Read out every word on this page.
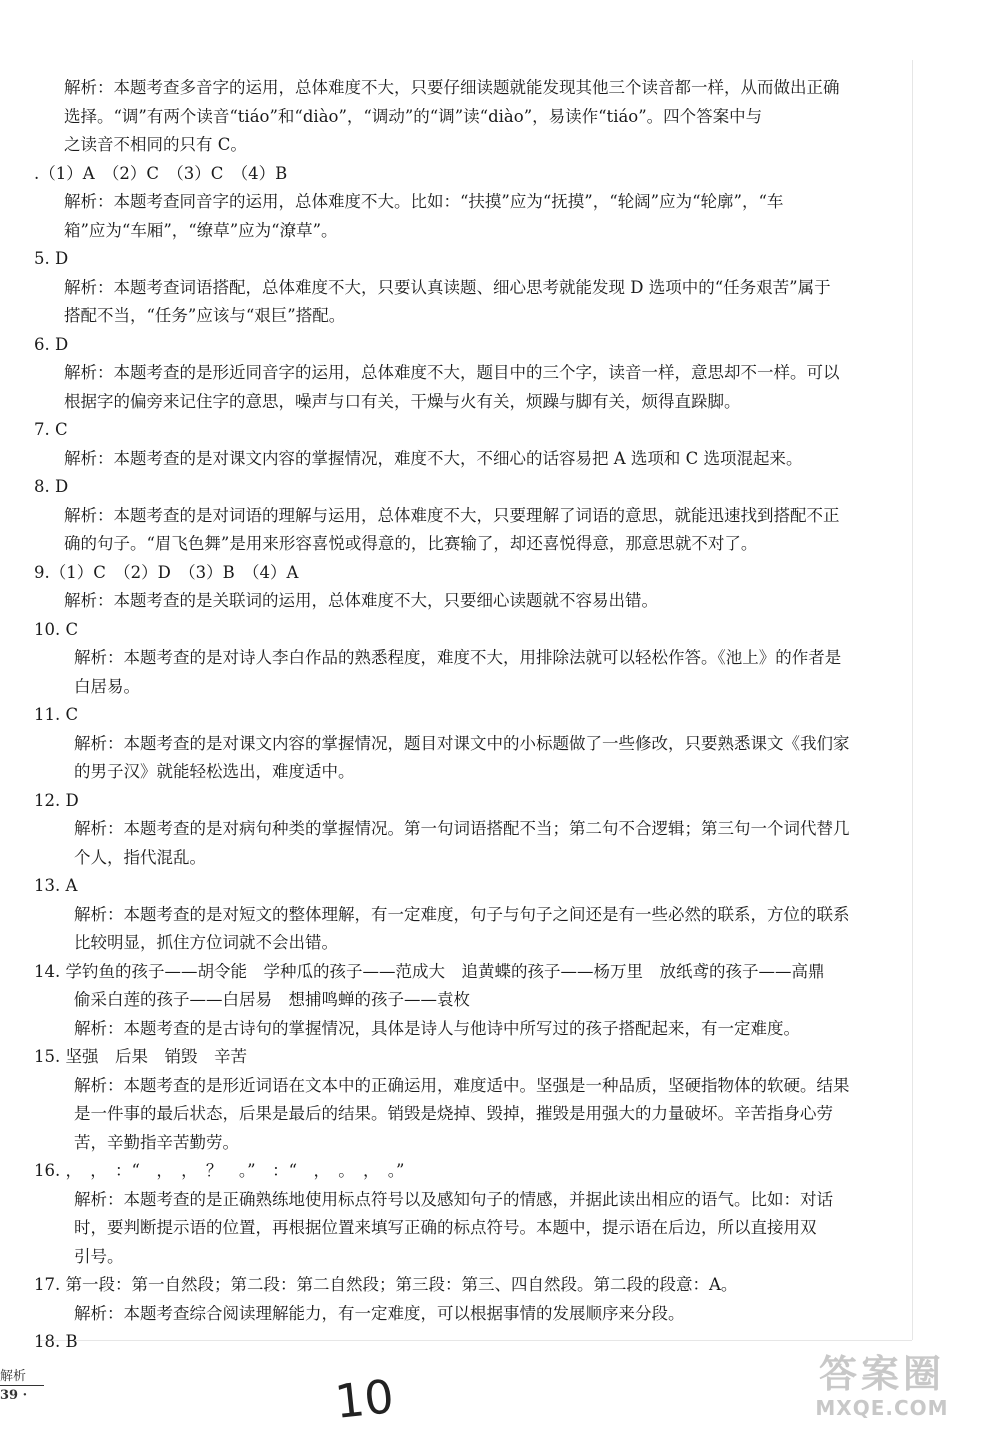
解析：本题考查多音字的运用，总体难度不大，只要仔细读题就能发现其他三个读音都一样，从而做出正确
选择。“调”有两个读音“tiáo”和“diào”，“调动”的“调”读“diào”，易读作“tiáo”。四个答案中与
之读音不相同的只有 C。
.（1）A　（2）C　（3）C　（4）B
解析：本题考查同音字的运用，总体难度不大。比如：“扶摸”应为“抚摸”，“轮阔”应为“轮廓”，“车
箱”应为“车厢”，“缭草”应为“潦草”。
5. D
解析：本题考查词语搭配，总体难度不大，只要认真读题、细心思考就能发现 D 选项中的“任务艰苦”属于
搭配不当，“任务”应该与“艰巨”搭配。
6. D
解析：本题考查的是形近同音字的运用，总体难度不大，题目中的三个字，读音一样，意思却不一样。可以
根据字的偏旁来记住字的意思，噪声与口有关，干燥与火有关，烦躁与脚有关，烦得直跺脚。
7. C
解析：本题考查的是对课文内容的掌握情况，难度不大，不细心的话容易把 A 选项和 C 选项混起来。
8. D
解析：本题考查的是对词语的理解与运用，总体难度不大，只要理解了词语的意思，就能迅速找到搭配不正
确的句子。“眉飞色舞”是用来形容喜悦或得意的，比赛输了，却还喜悦得意，那意思就不对了。
9.（1）C　（2）D　（3）B　（4）A
解析：本题考查的是关联词的运用，总体难度不大，只要细心读题就不容易出错。
10. C
解析：本题考查的是对诗人李白作品的熟悉程度，难度不大，用排除法就可以轻松作答。《池上》的作者是
白居易。
11. C
解析：本题考查的是对课文内容的掌握情况，题目对课文中的小标题做了一些修改，只要熟悉课文《我们家
的男子汉》就能轻松选出，难度适中。
12. D
解析：本题考查的是对病句种类的掌握情况。第一句词语搭配不当；第二句不合逻辑；第三句一个词代替几
个人，指代混乱。
13. A
解析：本题考查的是对短文的整体理解，有一定难度，句子与句子之间还是有一些必然的联系，方位的联系
比较明显，抓住方位词就不会出错。
14. 学钓鱼的孩子——胡令能　学种瓜的孩子——范成大　追黄蝶的孩子——杨万里　放纸鸢的孩子——高鼎
偷采白莲的孩子——白居易　想捕鸣蝉的孩子——袁枚
解析：本题考查的是古诗句的掌握情况，具体是诗人与他诗中所写过的孩子搭配起来，有一定难度。
15. 坚强　后果　销毁　辛苦
解析：本题考查的是形近词语在文本中的正确运用，难度适中。坚强是一种品质，坚硬指物体的软硬。结果
是一件事的最后状态，后果是最后的结果。销毁是烧掉、毁掉，摧毁是用强大的力量破坏。辛苦指身心劳
苦，辛勤指辛苦勤劳。
16. ，　，　：“　，　，　？　。”　：“　，　。　，　。”
解析：本题考查的是正确熟练地使用标点符号以及感知句子的情感，并据此读出相应的语气。比如：对话
时，要判断提示语的位置，再根据位置来填写正确的标点符号。本题中，提示语在后边，所以直接用双
引号。
17. 第一段：第一自然段；第二段：第二自然段；第三段：第三、四自然段。第二段的段意：A。
解析：本题考查综合阅读理解能力，有一定难度，可以根据事情的发展顺序来分段。
18. B
解析
39 ·	10	答案圈
MXQE.COM
